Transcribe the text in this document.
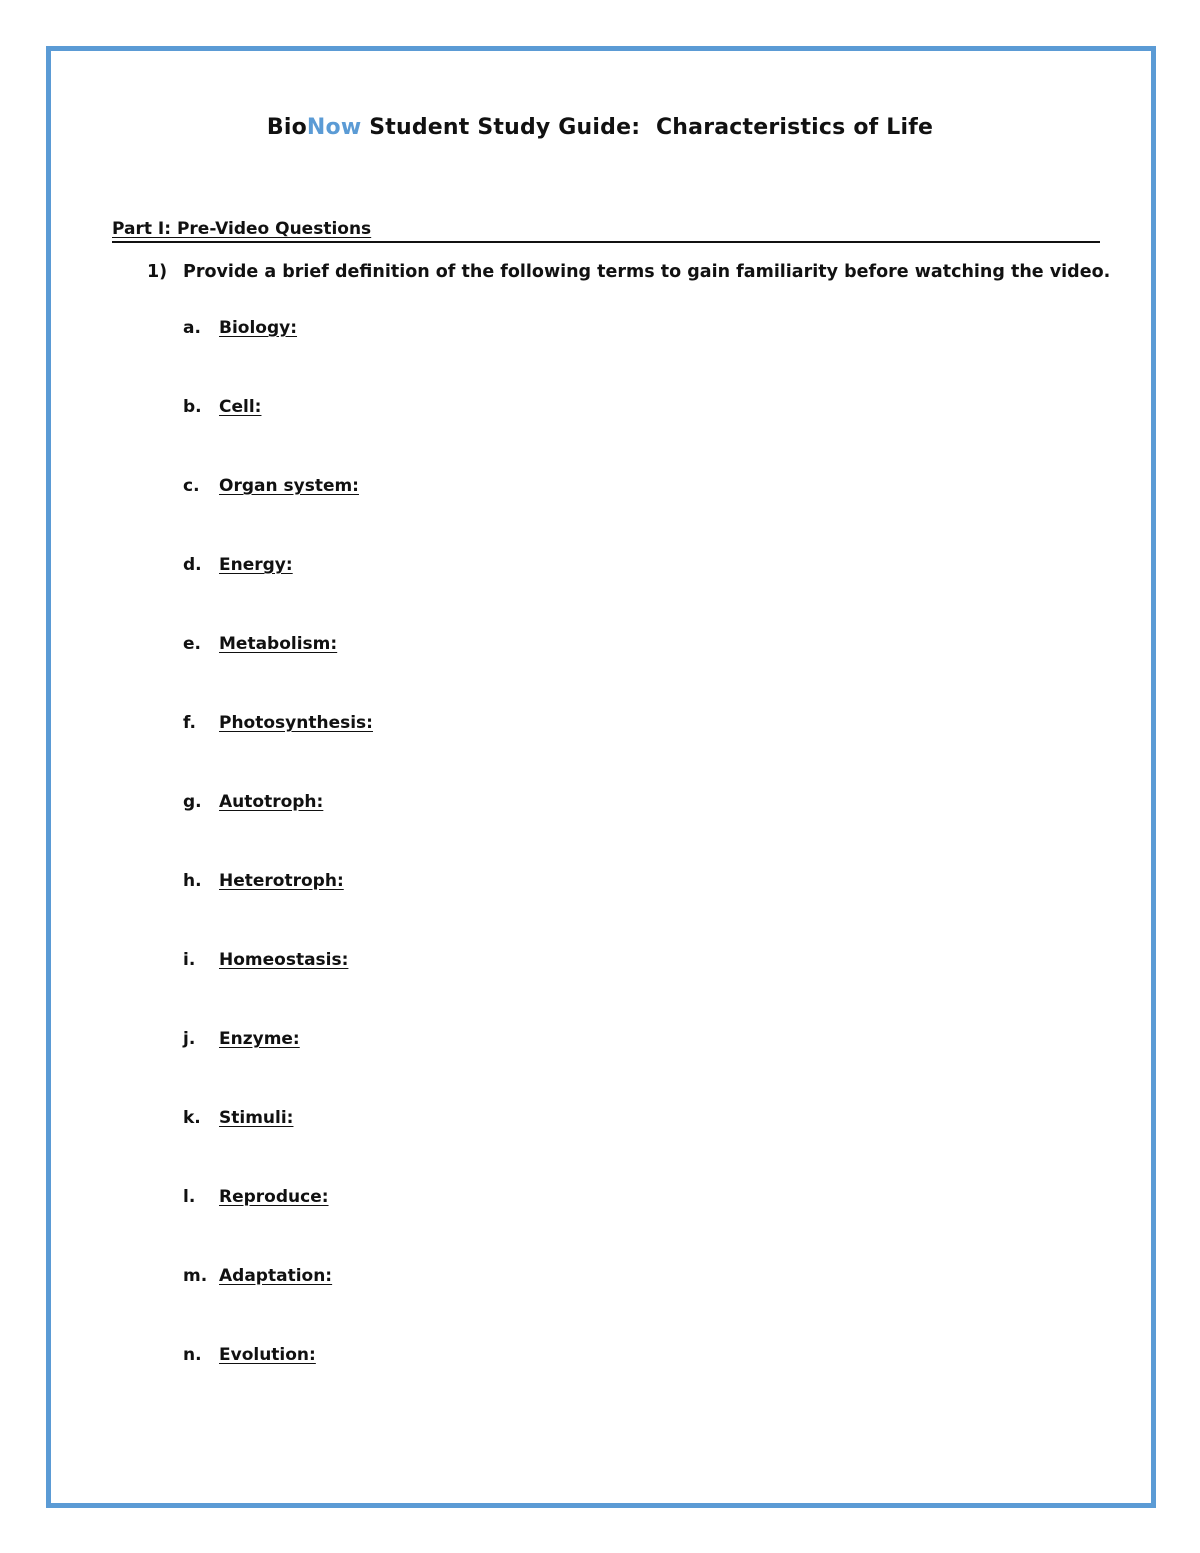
BioNow Student Study Guide:  Characteristics of Life
Part I: Pre-Video Questions
1) Provide a brief definition of the following terms to gain familiarity before watching the video.
a. Biology:
b. Cell:
c. Organ system:
d. Energy:
e. Metabolism:
f. Photosynthesis:
g. Autotroph:
h. Heterotroph:
i. Homeostasis:
j. Enzyme:
k. Stimuli:
l. Reproduce:
m. Adaptation:
n. Evolution:
